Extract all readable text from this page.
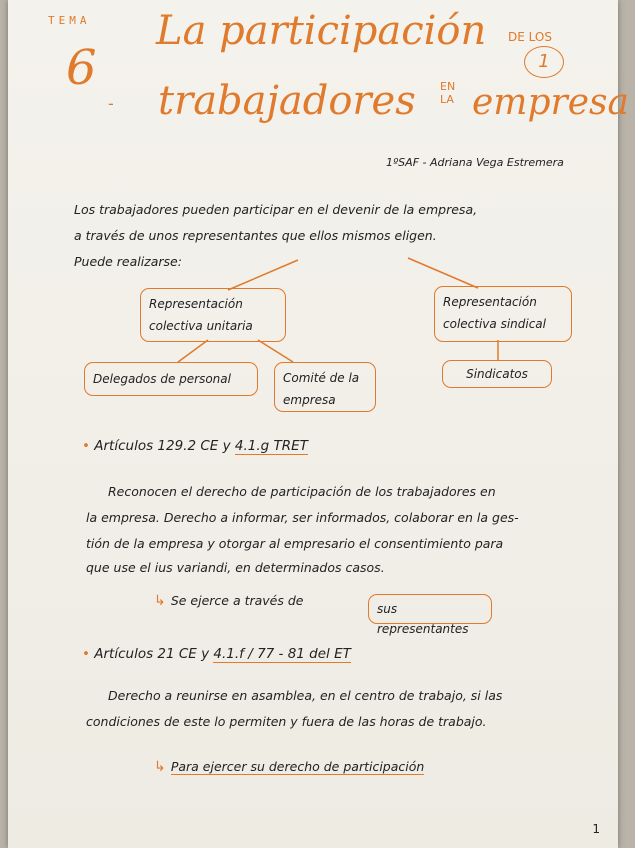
TEMA
6
-
La participación DE LOS
1
trabajadores EN LA empresa
1ºSAF - Adriana Vega Estremera
Los trabajadores pueden participar en el devenir de la empresa,
a través de unos representantes que ellos mismos eligen.
Puede realizarse:
Representación colectiva unitaria
Representación colectiva sindical
Delegados de personal	Comité de la empresa
Sindicatos
• Artículos 129.2 CE y 4.1.g TRET
Reconocen el derecho de participación de los trabajadores en
la empresa. Derecho a informar, ser informados, colaborar en la ges-
tión de la empresa y otorgar al empresario el consentimiento para
que use el ius variandi, en determinados casos.
↳ Se ejerce a través de
sus representantes
• Artículos 21 CE y 4.1.f / 77 - 81 del ET
Derecho a reunirse en asamblea, en el centro de trabajo, si las
condiciones de este lo permiten y fuera de las horas de trabajo.
↳ Para ejercer su derecho de participación
1
